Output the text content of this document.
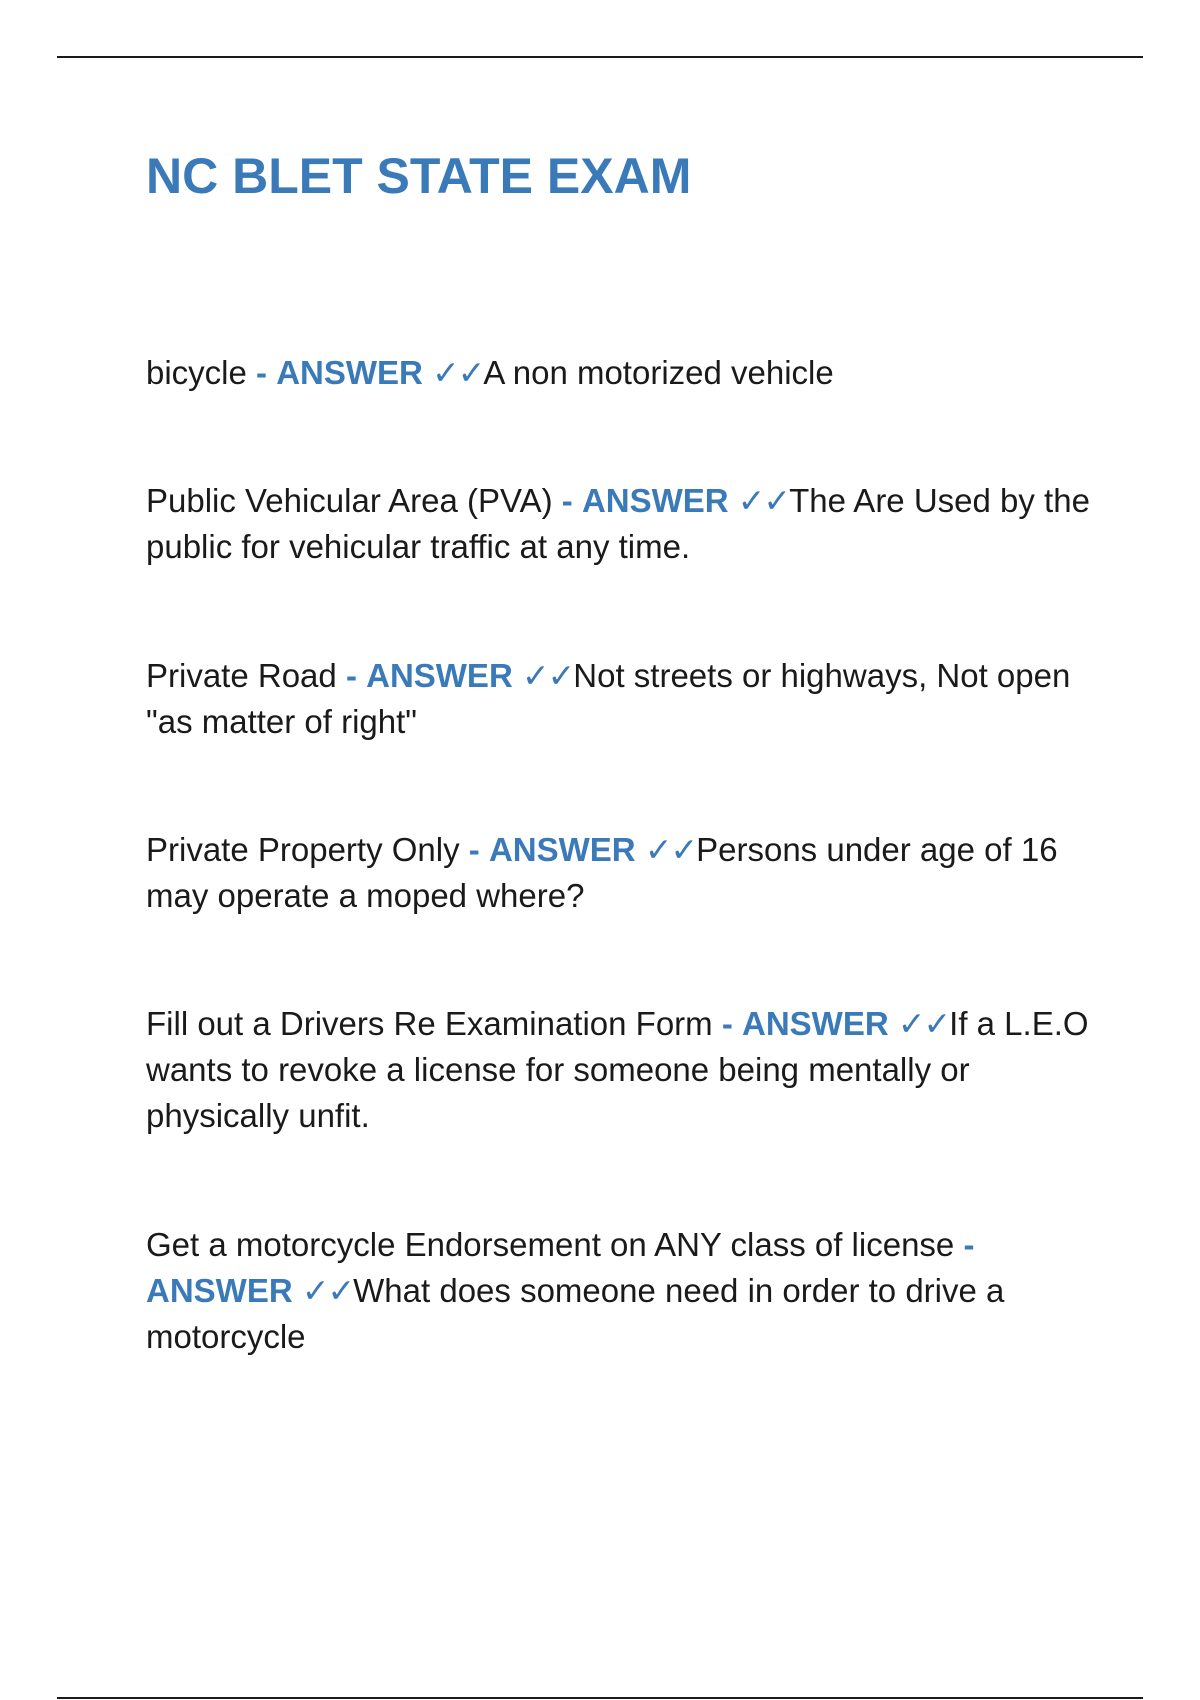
NC BLET STATE EXAM

bicycle - ANSWER ✓✓A non motorized vehicle

Public Vehicular Area (PVA) - ANSWER ✓✓The Are Used by the public for vehicular traffic at any time.

Private Road - ANSWER ✓✓Not streets or highways, Not open "as matter of right"

Private Property Only - ANSWER ✓✓Persons under age of 16 may operate a moped where?

Fill out a Drivers Re Examination Form - ANSWER ✓✓If a L.E.O wants to revoke a license for someone being mentally or physically unfit.

Get a motorcycle Endorsement on ANY class of license - ANSWER ✓✓What does someone need in order to drive a motorcycle
